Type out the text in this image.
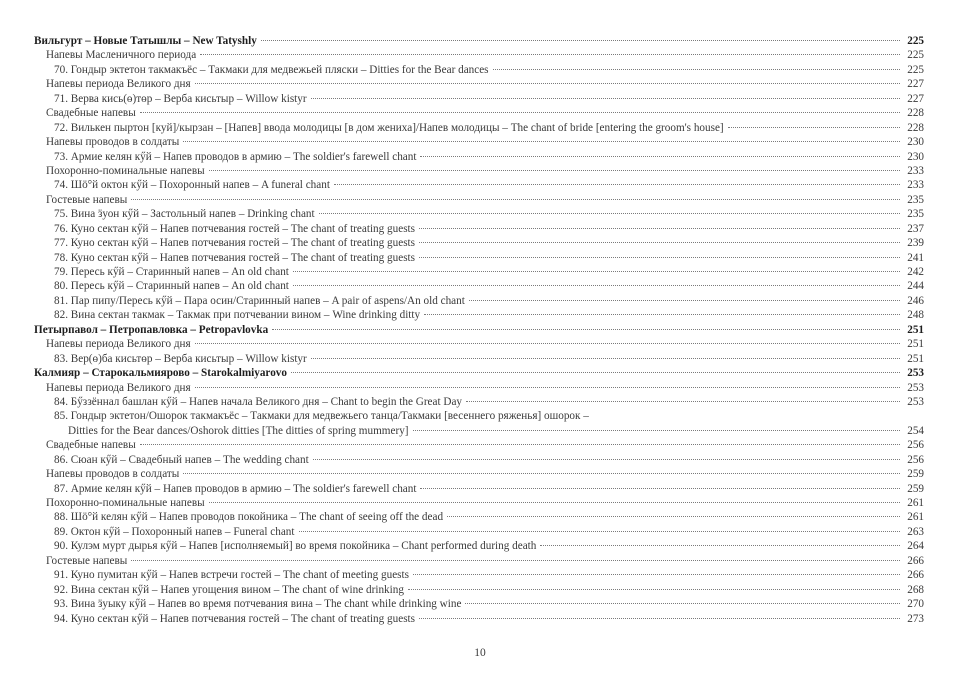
Вильгурт – Новые Татышлы – New Tatyshly	225
Напевы Масленичного периода	225
70. Гондыр эктетон такмакъёс – Такмаки для медвежьей пляски – Ditties for the Bear dances	225
Напевы периода Великого дня	227
71. Верва кись(ө)төр – Верба кисьтыр – Willow kistyr	227
Свадебные напевы	228
72. Вилькен пыртон [куй]/кырзан – [Напев] ввода молодицы [в дом жениха]/Напев молодицы – The chant of bride [entering the groom's house]	228
Напевы проводов в солдаты	230
73. Армие келян кӳй – Напев проводов в армию – The soldier's farewell chant	230
Похоронно-поминальные напевы	233
74. Шӧ°й октон кӳй – Похоронный напев – A funeral chant	233
Гостевые напевы	235
75. Вина ӟуон кӳй – Застольный напев – Drinking chant	235
76. Куно сектан кӳй – Напев потчевания гостей – The chant of treating guests	237
77. Куно сектан кӳй – Напев потчевания гостей – The chant of treating guests	239
78. Куно сектан кӳй – Напев потчевания гостей – The chant of treating guests	241
79. Пересь кӳй – Старинный напев – An old chant	242
80. Пересь кӳй – Старинный напев – An old chant	244
81. Пар пипу/Пересь кӳй – Пара осин/Старинный напев – A pair of aspens/An old chant	246
82. Вина сектан такмак – Такмак при потчевании вином – Wine drinking ditty	248
Петырпавол – Петропавловка – Petropavlovka	251
Напевы периода Великого дня	251
83. Вер(ө)ба кисьтөр – Верба кисьтыр – Willow kistyr	251
Калмияр – Старокальмиярово – Starokalmiyarovo	253
Напевы периода Великого дня	253
84. Бӳззённал башлан кӳй – Напев начала Великого дня – Chant to begin the Great Day	253
85. Гондыр эктетон/Ошорок такмакъёс – Такмаки для медвежьего танца/Такмаки [весеннего ряженья] ошорок –
Ditties for the Bear dances/Oshorok ditties [The ditties of spring mummery]	254
Свадебные напевы	256
86. Сюан кӳй – Свадебный напев – The wedding chant	256
Напевы проводов в солдаты	259
87. Армие келян кӳй – Напев проводов в армию – The soldier's farewell chant	259
Похоронно-поминальные напевы	261
88. Шӧ°й келян кӳй – Напев проводов покойника – The chant of seeing off the dead	261
89. Октон кӳй – Похоронный напев – Funeral chant	263
90. Кулэм мурт дырья кӳй – Напев [исполняемый] во время покойника – Chant performed during death	264
Гостевые напевы	266
91. Куно пумитан кӳй – Напев встречи гостей – The chant of meeting guests	266
92. Вина сектан кӳй – Напев угощения вином – The chant of wine drinking	268
93. Вина ӟуыку кӳй – Напев во время потчевания вина – The chant while drinking wine	270
94. Куно сектан кӳй – Напев потчевания гостей – The chant of treating guests	273
10
